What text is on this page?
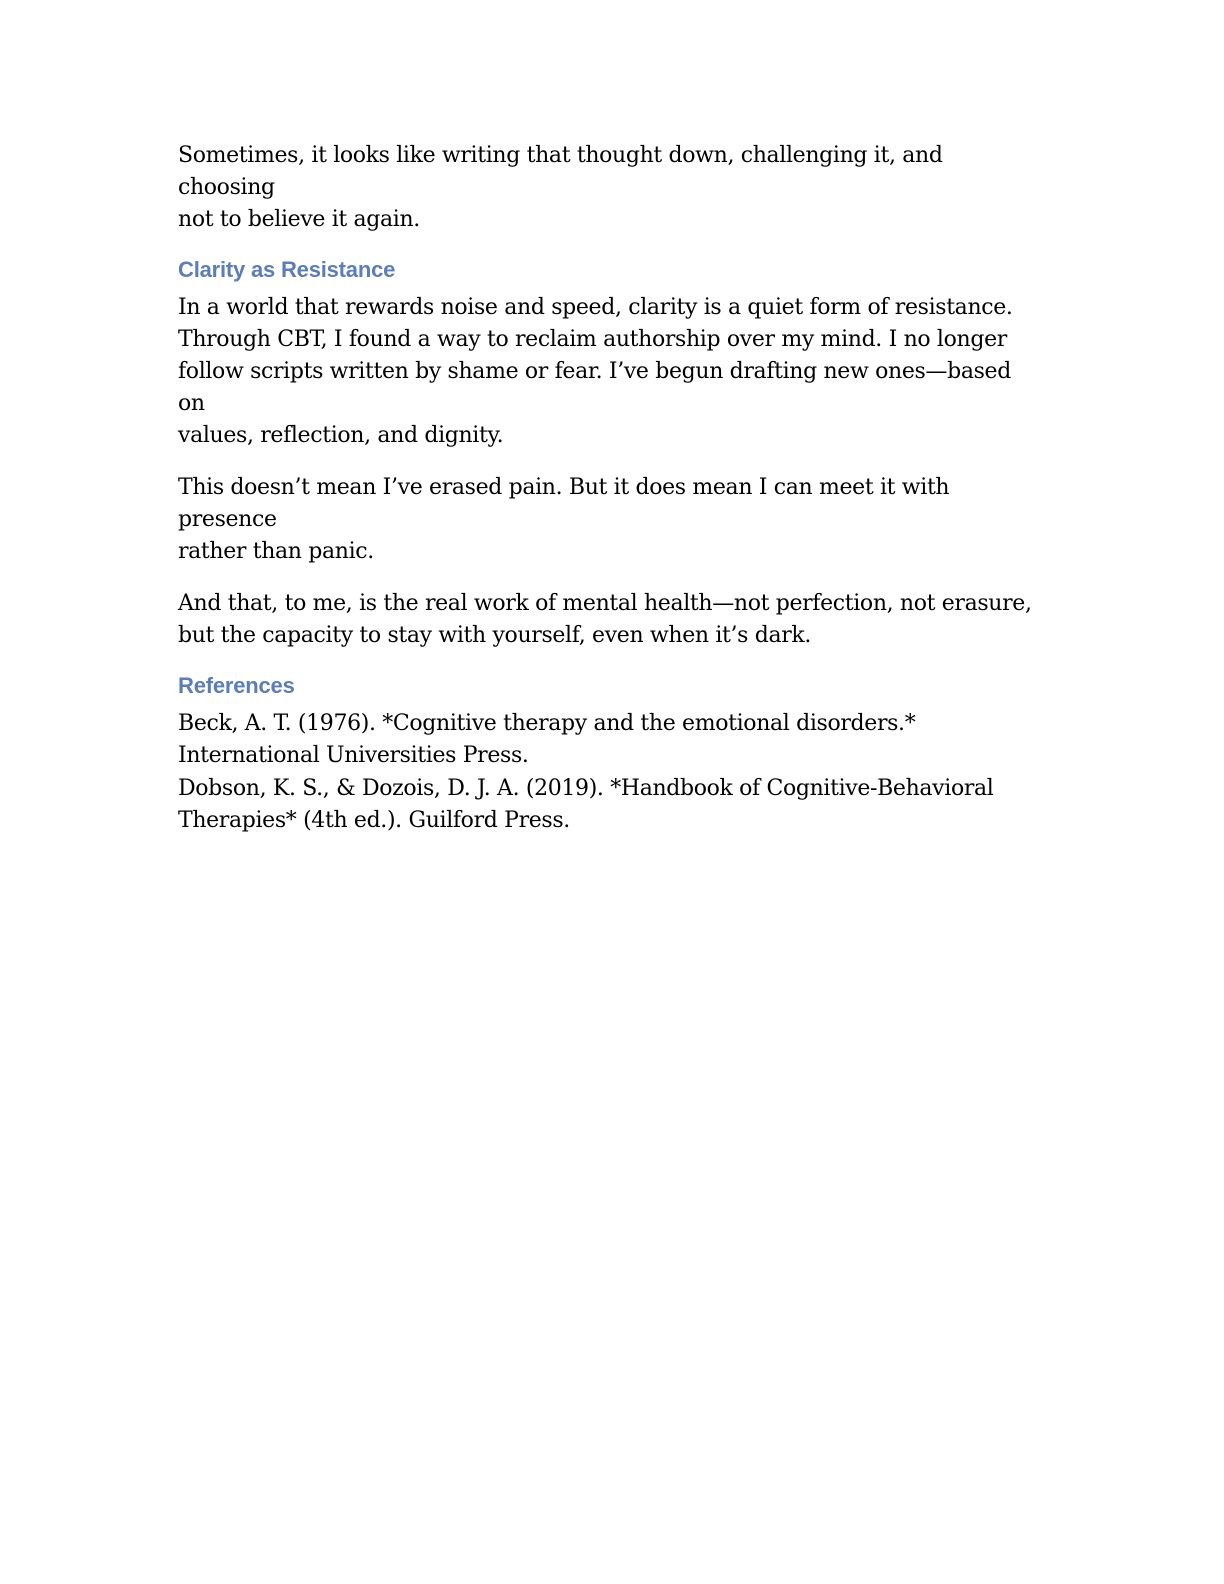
Sometimes, it looks like writing that thought down, challenging it, and choosing
not to believe it again.

Clarity as Resistance

In a world that rewards noise and speed, clarity is a quiet form of resistance.
Through CBT, I found a way to reclaim authorship over my mind. I no longer
follow scripts written by shame or fear. I’ve begun drafting new ones—based on
values, reflection, and dignity.

This doesn’t mean I’ve erased pain. But it does mean I can meet it with presence
rather than panic.

And that, to me, is the real work of mental health—not perfection, not erasure,
but the capacity to stay with yourself, even when it’s dark.

References

Beck, A. T. (1976). *Cognitive therapy and the emotional disorders.*
International Universities Press.

Dobson, K. S., & Dozois, D. J. A. (2019). *Handbook of Cognitive-Behavioral
Therapies* (4th ed.). Guilford Press.
